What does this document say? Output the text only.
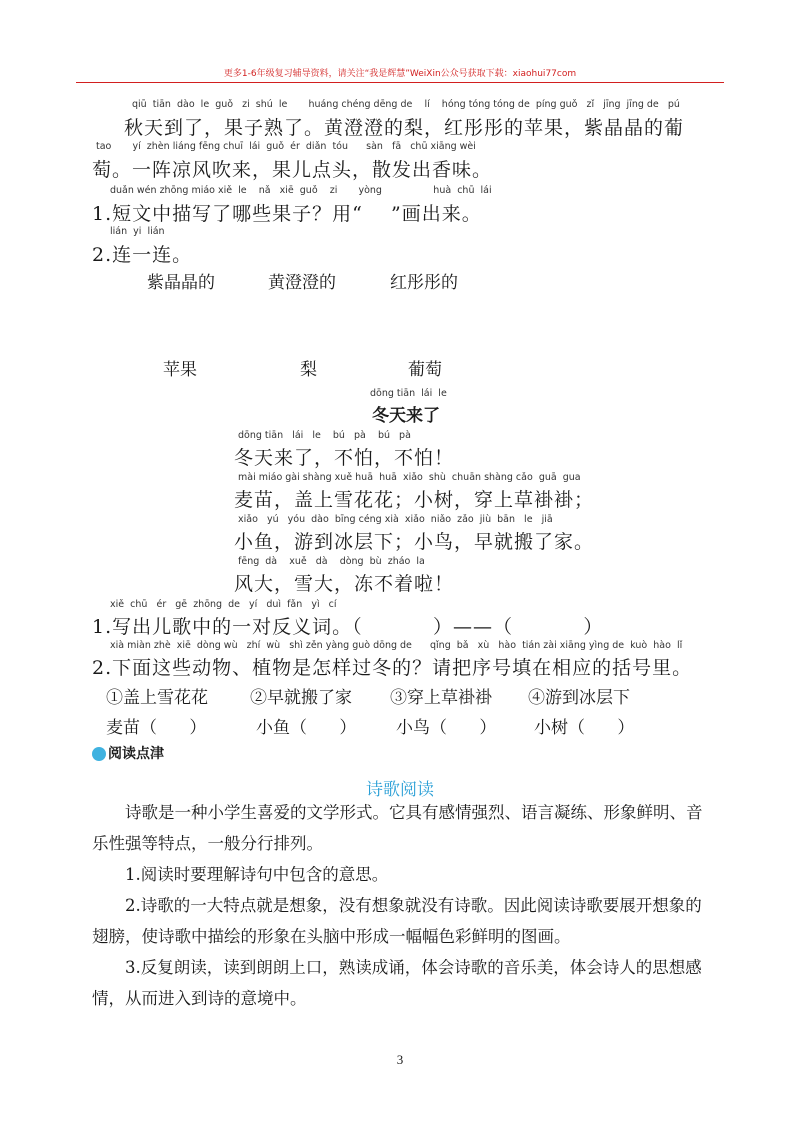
更多1-6年级复习辅导资料，请关注“我是辉慧”WeiXin公众号获取下载：xiaohui77com
qiū  tiān  dào  le  guǒ   zi  shú  le       huáng chéng dēng de    lí    hóng tóng tóng de  píng guǒ   zǐ   jīng  jīng de   pú
秋天到了，果子熟了。黄澄澄的梨，红彤彤的苹果，紫晶晶的葡
tao       yí  zhèn liáng fēng chuī  lái  guǒ  ér  diǎn  tóu      sàn   fā   chū xiāng wèi
萄。一阵凉风吹来，果儿点头，散发出香味。
duǎn wén zhōng miáo xiě  le    nǎ   xiē  guǒ    zi       yòng                 huà  chū  lái
1.短文中描写了哪些果子？用“    ”画出来。
lián  yi  lián
2.连一连。
紫晶晶的	黄澄澄的	红彤彤的
苹果	梨	葡萄
dōng tiān  lái  le
冬天来了
dōng tiān   lái   le    bú   pà    bú   pà
冬天来了，不怕，不怕！
mài miáo gài shàng xuě huā  huā  xiǎo  shù  chuān shàng cǎo  guā  gua
麦苗，盖上雪花花；小树，穿上草褂褂；
xiǎo   yú   yóu  dào  bīng céng xià  xiǎo  niǎo  zǎo  jiù  bān   le   jiā
小鱼，游到冰层下；小鸟，早就搬了家。
fēng  dà    xuě   dà    dòng  bù  zháo  la
风大，雪大，冻不着啦！
xiě  chū   ér   gē  zhōng  de   yí   duì  fǎn   yì   cí
1.写出儿歌中的一对反义词。（          ）——（          ）
xià miàn zhè  xiē  dòng wù   zhí  wù   shì zěn yàng guò dōng de      qǐng  bǎ   xù   hào  tián zài xiāng yìng de  kuò  hào  lǐ
2.下面这些动物、植物是怎样过冬的？请把序号填在相应的括号里。
①盖上雪花花 ②早就搬了家 ③穿上草褂褂 ④游到冰层下
麦苗（      ）	小鱼（      ） 小鸟（      ） 小树（      ）
阅读点津
诗歌阅读
诗歌是一种小学生喜爱的文学形式。它具有感情强烈、语言凝练、形象鲜明、音乐性强等特点，一般分行排列。
1.阅读时要理解诗句中包含的意思。
2.诗歌的一大特点就是想象，没有想象就没有诗歌。因此阅读诗歌要展开想象的翅膀，使诗歌中描绘的形象在头脑中形成一幅幅色彩鲜明的图画。
3.反复朗读，读到朗朗上口，熟读成诵，体会诗歌的音乐美，体会诗人的思想感情，从而进入到诗的意境中。
3
